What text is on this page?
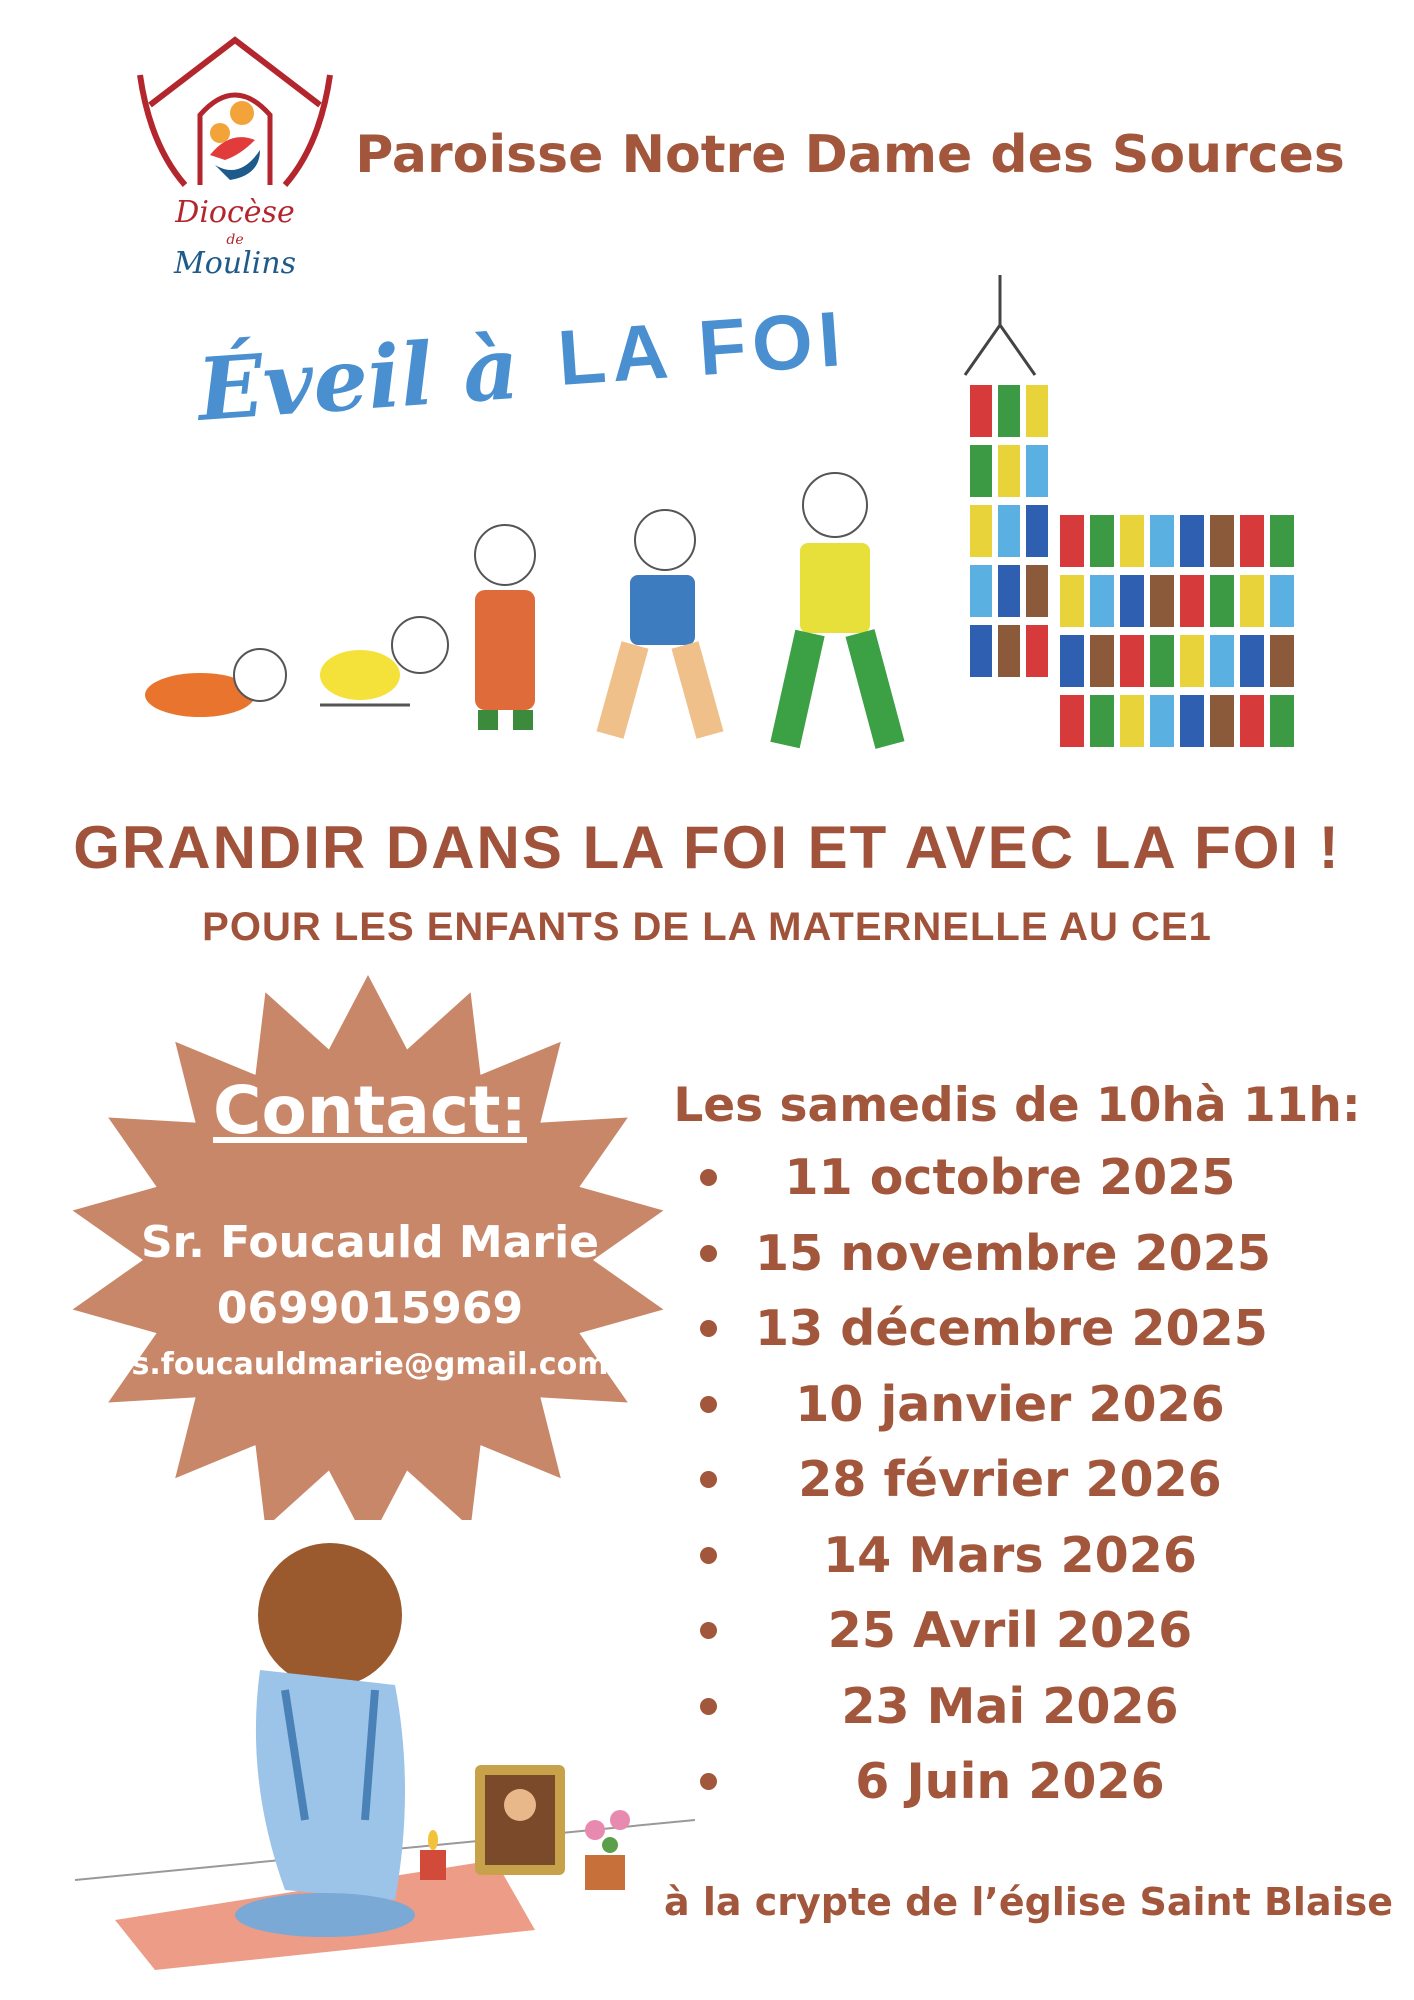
Diocèse
de
Moulins
Paroisse Notre Dame des Sources
Éveil à LA FOI
GRANDIR DANS LA FOI ET AVEC LA FOI !
POUR LES ENFANTS DE LA MATERNELLE AU CE1
Contact:
Sr. Foucauld Marie
0699015969
s.foucauldmarie@gmail.com
Les samedis de 10hà 11h:
11 octobre 2025
15 novembre 2025
13 décembre 2025
10 janvier 2026
28 février 2026
14 Mars 2026
25 Avril 2026
23 Mai 2026
6 Juin 2026
à la crypte de l’église Saint Blaise
